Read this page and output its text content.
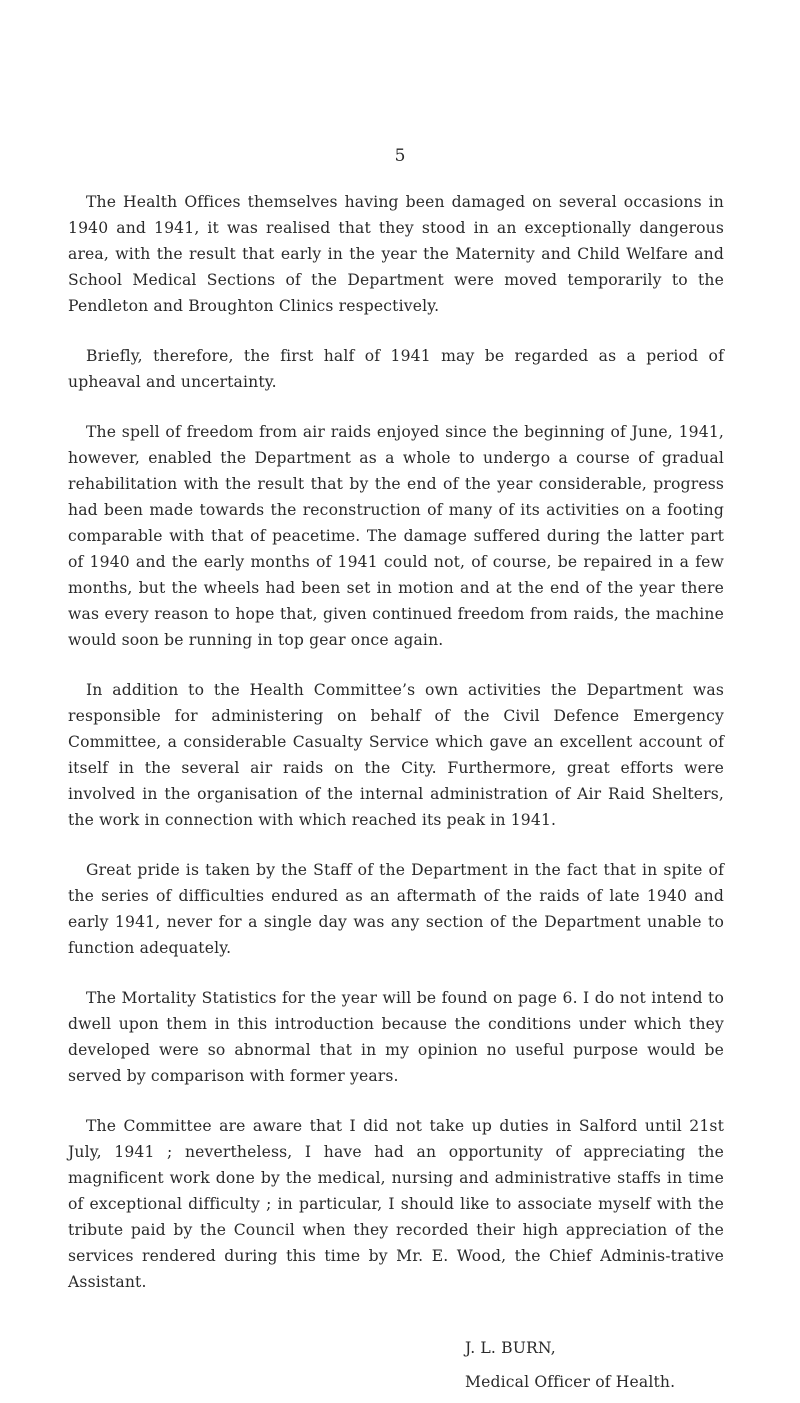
5

The Health Offices themselves having been damaged on several occasions in 1940 and 1941, it was realised that they stood in an exceptionally dangerous area, with the result that early in the year the Maternity and Child Welfare and School Medical Sections of the Department were moved temporarily to the Pendleton and Broughton Clinics respectively.

Briefly, therefore, the first half of 1941 may be regarded as a period of upheaval and uncertainty.

The spell of freedom from air raids enjoyed since the beginning of June, 1941, however, enabled the Department as a whole to undergo a course of gradual rehabilitation with the result that by the end of the year considerable, progress had been made towards the reconstruction of many of its activities on a footing comparable with that of peacetime. The damage suffered during the latter part of 1940 and the early months of 1941 could not, of course, be repaired in a few months, but the wheels had been set in motion and at the end of the year there was every reason to hope that, given continued freedom from raids, the machine would soon be running in top gear once again.

In addition to the Health Committee’s own activities the Department was responsible for administering on behalf of the Civil Defence Emergency Committee, a considerable Casualty Service which gave an excellent account of itself in the several air raids on the City. Furthermore, great efforts were involved in the organisation of the internal administration of Air Raid Shelters, the work in connection with which reached its peak in 1941.

Great pride is taken by the Staff of the Department in the fact that in spite of the series of difficulties endured as an aftermath of the raids of late 1940 and early 1941, never for a single day was any section of the Department unable to function adequately.

The Mortality Statistics for the year will be found on page 6. I do not intend to dwell upon them in this introduction because the conditions under which they developed were so abnormal that in my opinion no useful purpose would be served by comparison with former years.

The Committee are aware that I did not take up duties in Salford until 21st July, 1941 ; nevertheless, I have had an opportunity of appreciating the magnificent work done by the medical, nursing and administrative staffs in time of exceptional difficulty ; in particular, I should like to associate myself with the tribute paid by the Council when they recorded their high appreciation of the services rendered during this time by Mr. E. Wood, the Chief Adminis-trative Assistant.

J. L. BURN,
Medical Officer of Health.
